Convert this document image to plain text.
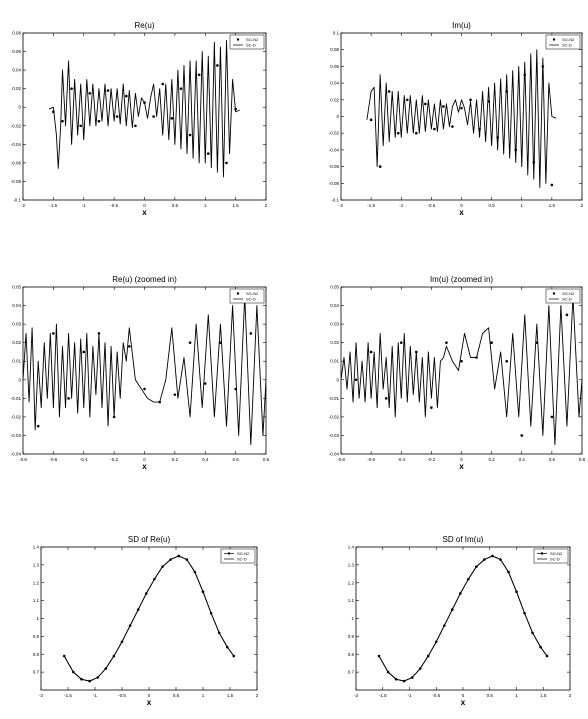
Re(u)
-2	-1.5	-1	-0.5	0	0.5	1	1.5	2
-0.1
-0.08
-0.06
-0.04
-0.02
0
0.02
0.04
0.06
0.08
x
SG-N2
SC-D
Im(u)
-2	-1.5	-1	-0.5	0	0.5	1	1.5	2
-0.1
-0.08
-0.06
-0.04
-0.02
0
0.02
0.04
0.06
0.08
0.1
x
SG-N2
SC-D
Re(u) (zoomed in)
-0.8	-0.6	-0.4	-0.2	0	0.2	0.4	0.6	0.8
-0.04
-0.03
-0.02
-0.01
0
0.01
0.02
0.03
0.04
0.05
x
SG-N2
SC-D
Im(u) (zoomed in)
-0.8	-0.6	-0.4	-0.2	0	0.2	0.4	0.6	0.8
-0.04
-0.03
-0.02
-0.01
0
0.01
0.02
0.03
0.04
0.05
x
SG-N2
SC-D
SD of Re(u)
-2	-1.5	-1	-0.5	0	0.5	1	1.5	2
0.7
0.8
0.9
1
1.1
1.2
1.3
1.4
x
SG-N2
SC-D
SD of Im(u)
-2	-1.5	-1	-0.5	0	0.5	1	1.5	2
0.7
0.8
0.9
1
1.1
1.2
1.3
1.4
x
SG-N2
SC-D
